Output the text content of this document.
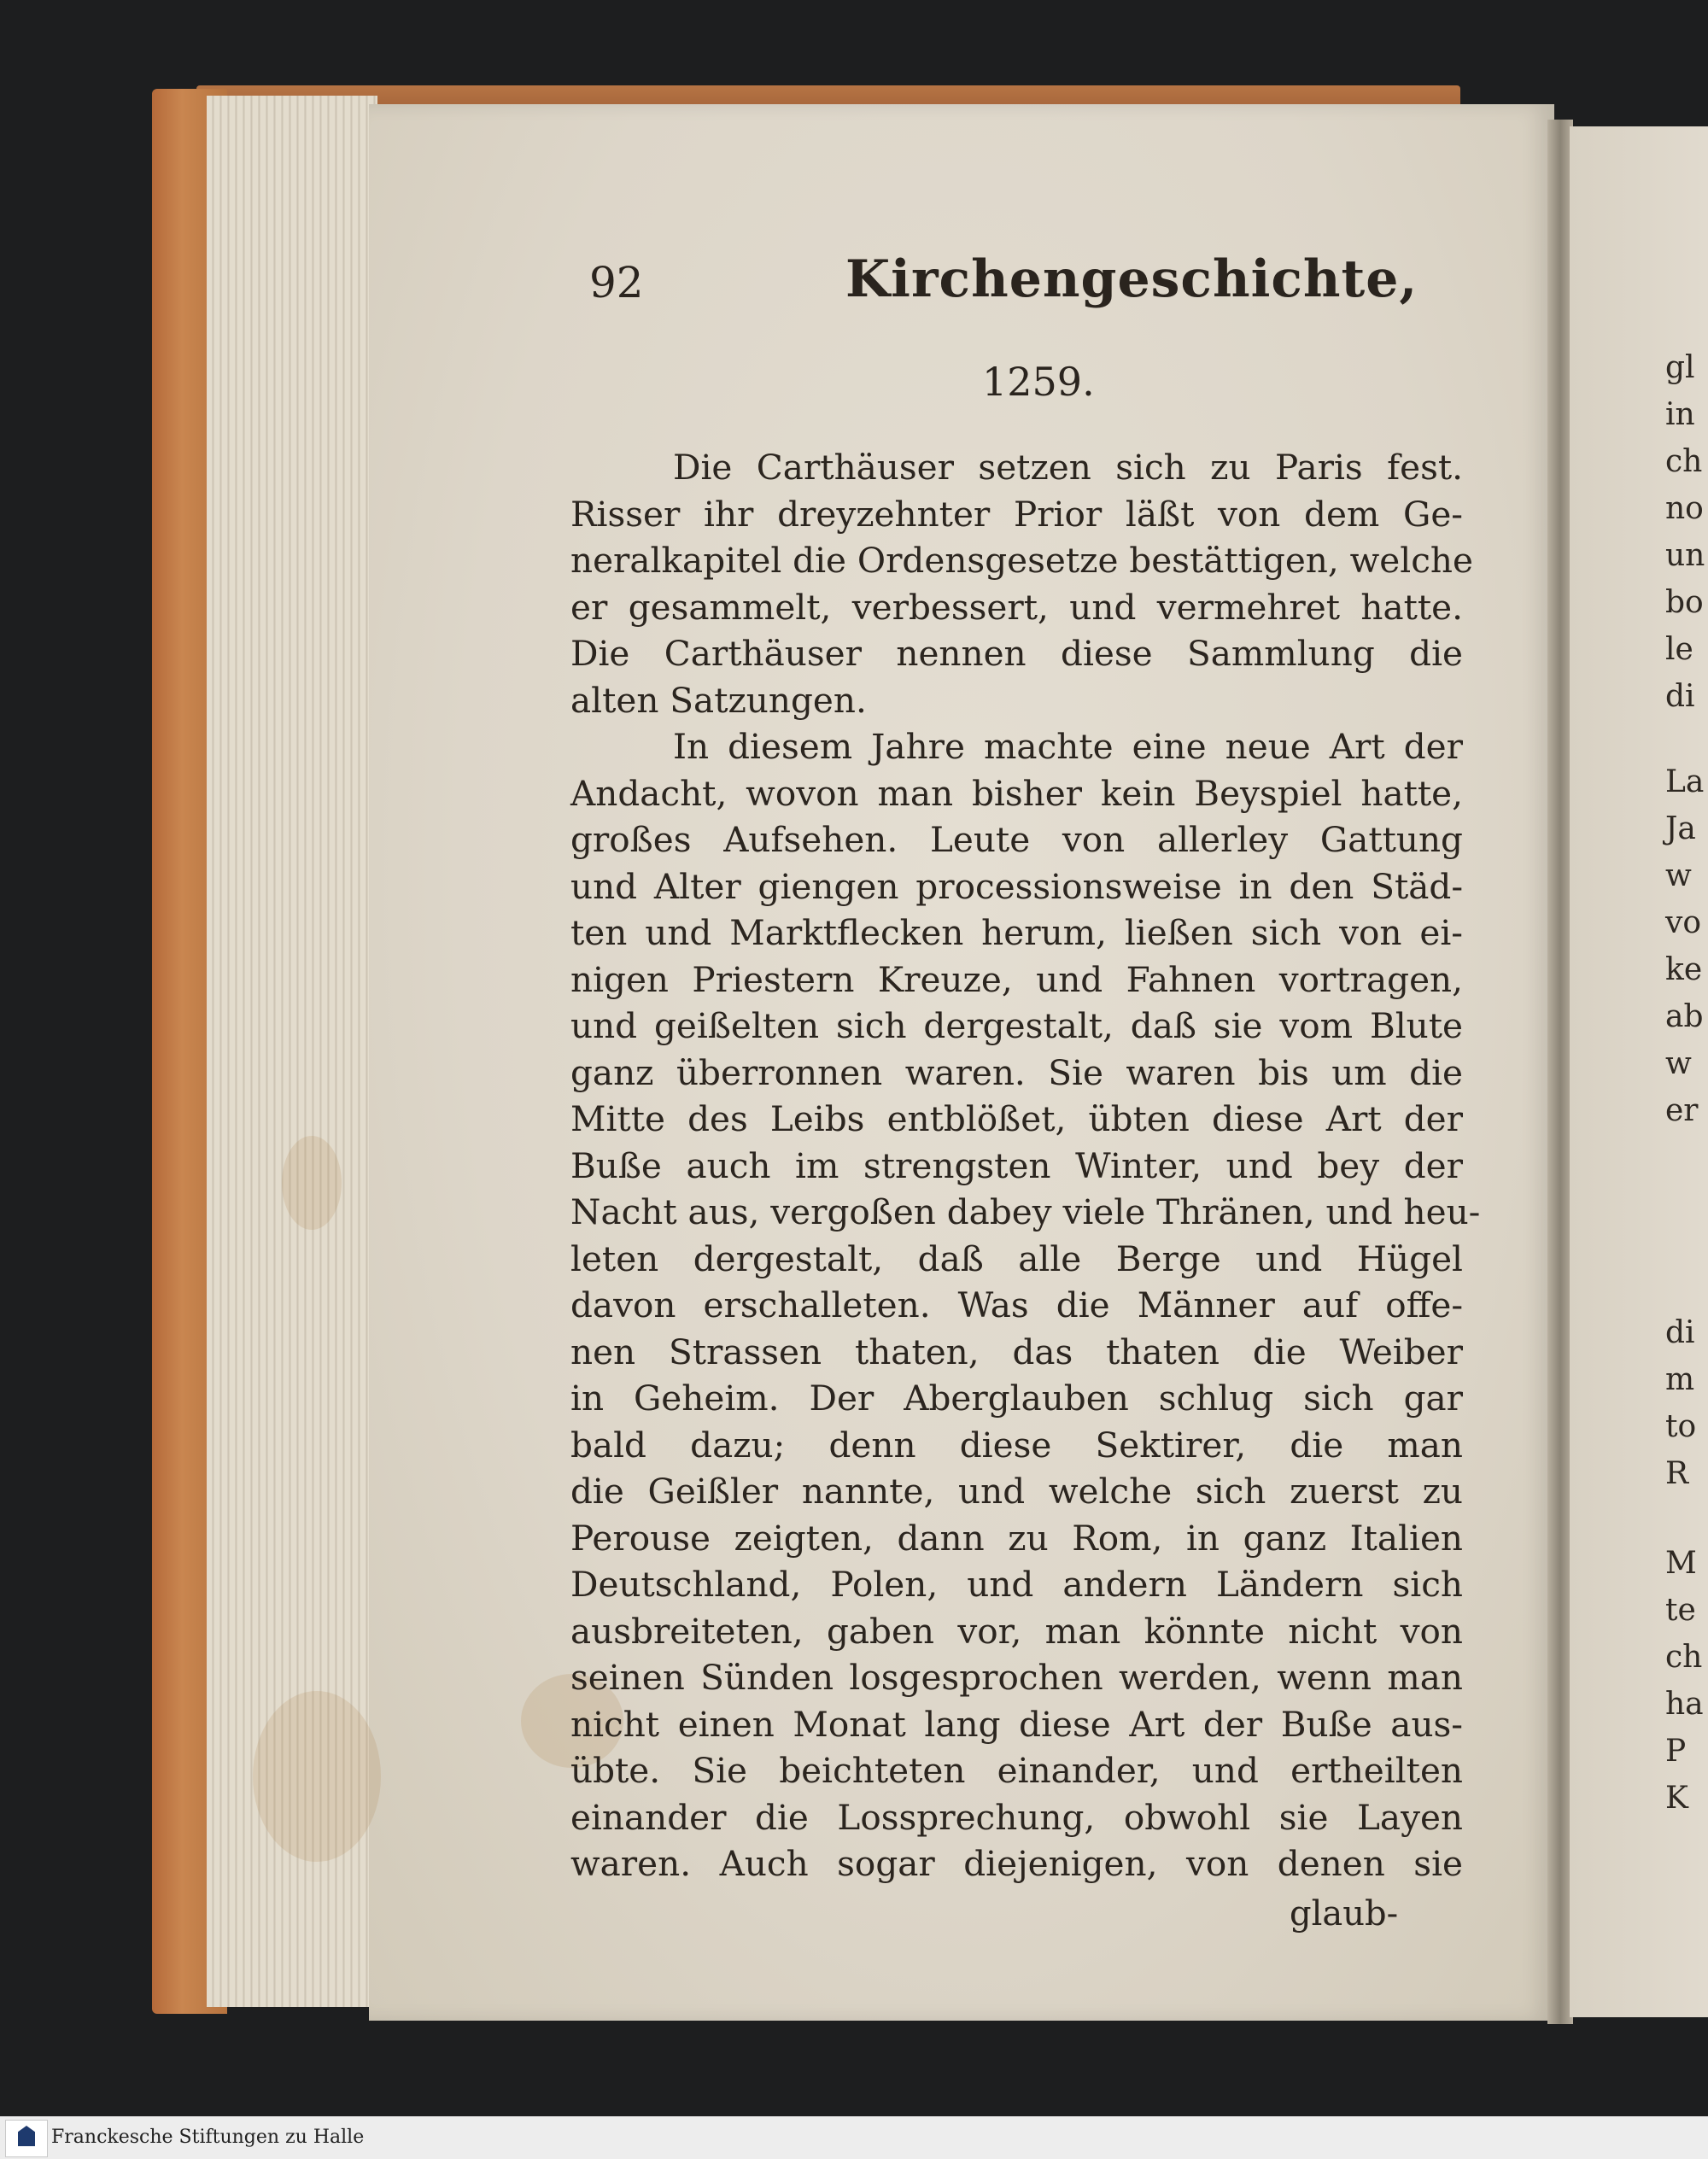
92	Kirchengeschichte,
1259.
Die Carthäuser setzen sich zu Paris fest.
Risser ihr dreyzehnter Prior läßt von dem Ge-
neralkapitel die Ordensgesetze bestättigen, welche
er gesammelt, verbessert, und vermehret hatte.
Die Carthäuser nennen diese Sammlung die
alten Satzungen.
In diesem Jahre machte eine neue Art der
Andacht, wovon man bisher kein Beyspiel hatte,
großes Aufsehen. Leute von allerley Gattung
und Alter giengen processionsweise in den Städ-
ten und Marktflecken herum, ließen sich von ei-
nigen Priestern Kreuze, und Fahnen vortragen,
und geißelten sich dergestalt, daß sie vom Blute
ganz überronnen waren. Sie waren bis um die
Mitte des Leibs entblößet, übten diese Art der
Buße auch im strengsten Winter, und bey der
Nacht aus, vergoßen dabey viele Thränen, und heu-
leten dergestalt, daß alle Berge und Hügel
davon erschalleten. Was die Männer auf offe-
nen Strassen thaten, das thaten die Weiber
in Geheim. Der Aberglauben schlug sich gar
bald dazu; denn diese Sektirer, die man
die Geißler nannte, und welche sich zuerst zu
Perouse zeigten, dann zu Rom, in ganz Italien
Deutschland, Polen, und andern Ländern sich
ausbreiteten, gaben vor, man könnte nicht von
seinen Sünden losgesprochen werden, wenn man
nicht einen Monat lang diese Art der Buße aus-
übte. Sie beichteten einander, und ertheilten
einander die Lossprechung, obwohl sie Layen
waren. Auch sogar diejenigen, von denen sie
glaub-
gl
in
ch
no
un
bo
le
di
La
Ja
w
vo
ke
ab
w
er
di
m
to
R
M
te
ch
ha
P
K
Franckesche Stiftungen zu Halle
